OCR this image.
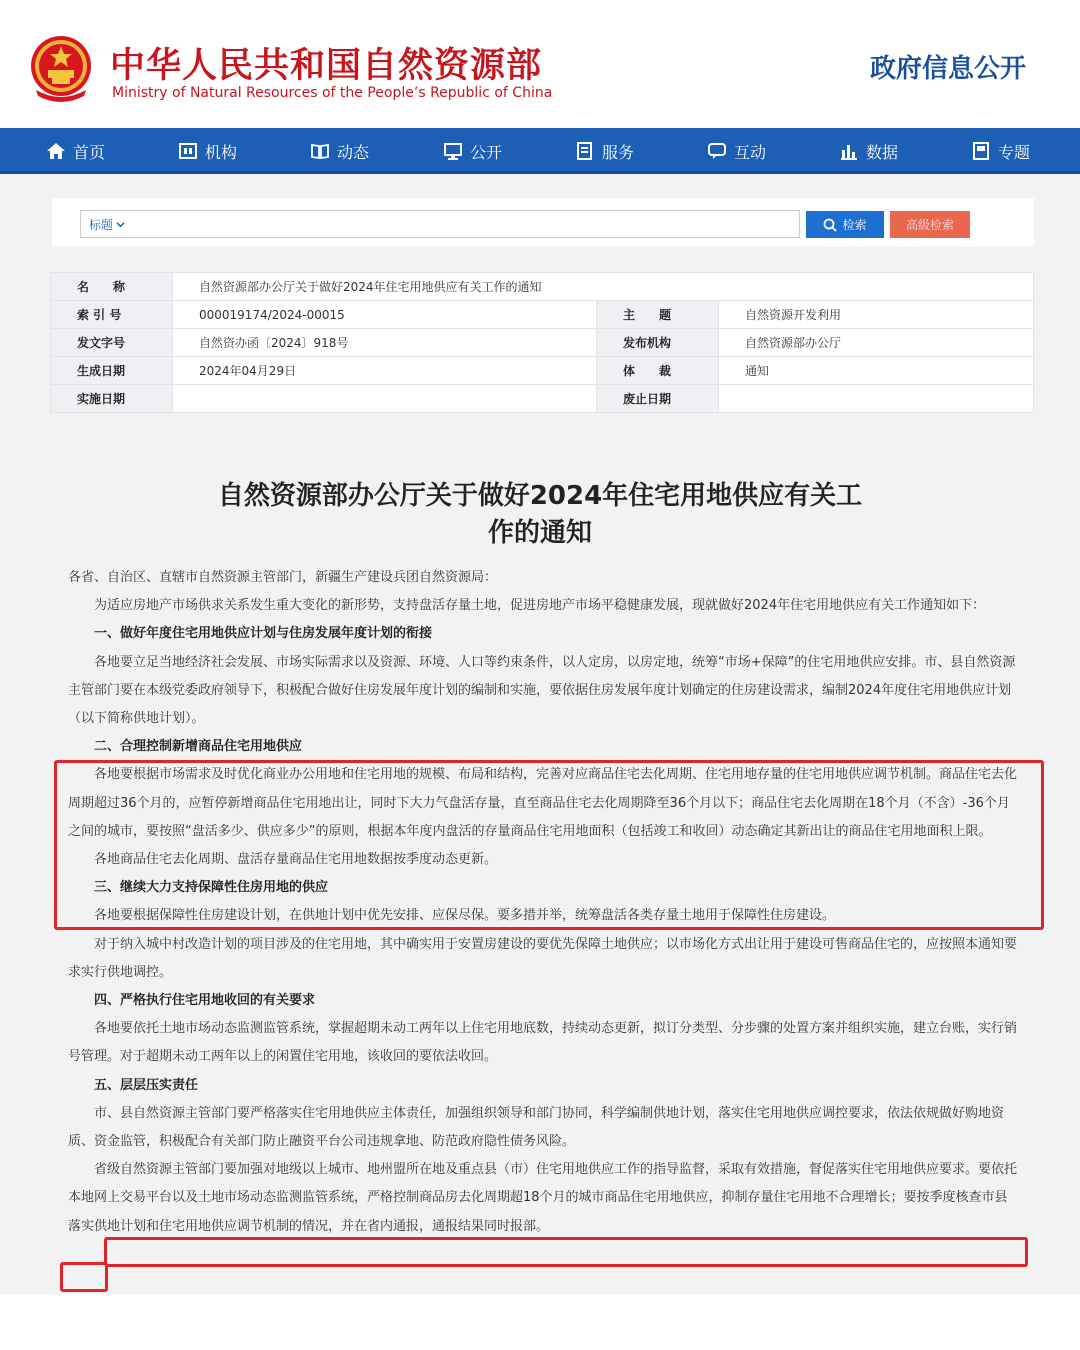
中华人民共和国自然资源部
Ministry of Natural Resources of the People’s Republic of China
政府信息公开
首页	机构	动态	公开	服务	互动	数据	专题
标题	检索	高级检索
名　　称	自然资源部办公厅关于做好2024年住宅用地供应有关工作的通知		
索 引 号	000019174/2024-00015	主　　题	自然资源开发利用
发文字号	自然资办函〔2024〕918号	发布机构	自然资源部办公厅
生成日期	2024年04月29日	体　　裁	通知
实施日期		废止日期	
自然资源部办公厅关于做好2024年住宅用地供应有关工
作的通知

各省、自治区、直辖市自然资源主管部门，新疆生产建设兵团自然资源局：

为适应房地产市场供求关系发生重大变化的新形势，支持盘活存量土地，促进房地产市场平稳健康发展，现就做好2024年住宅用地供应有关工作通知如下：

一、做好年度住宅用地供应计划与住房发展年度计划的衔接

各地要立足当地经济社会发展、市场实际需求以及资源、环境、人口等约束条件，以人定房，以房定地，统筹“市场+保障”的住宅用地供应安排。市、县自然资源主管部门要在本级党委政府领导下，积极配合做好住房发展年度计划的编制和实施，要依据住房发展年度计划确定的住房建设需求，编制2024年度住宅用地供应计划（以下简称供地计划）。

二、合理控制新增商品住宅用地供应

各地要根据市场需求及时优化商业办公用地和住宅用地的规模、布局和结构，完善对应商品住宅去化周期、住宅用地存量的住宅用地供应调节机制。商品住宅去化周期超过36个月的，应暂停新增商品住宅用地出让，同时下大力气盘活存量，直至商品住宅去化周期降至36个月以下；商品住宅去化周期在18个月（不含）-36个月之间的城市，要按照“盘活多少、供应多少”的原则，根据本年度内盘活的存量商品住宅用地面积（包括竣工和收回）动态确定其新出让的商品住宅用地面积上限。

各地商品住宅去化周期、盘活存量商品住宅用地数据按季度动态更新。

三、继续大力支持保障性住房用地的供应

各地要根据保障性住房建设计划，在供地计划中优先安排、应保尽保。要多措并举，统筹盘活各类存量土地用于保障性住房建设。

对于纳入城中村改造计划的项目涉及的住宅用地，其中确实用于安置房建设的要优先保障土地供应；以市场化方式出让用于建设可售商品住宅的，应按照本通知要求实行供地调控。

四、严格执行住宅用地收回的有关要求

各地要依托土地市场动态监测监管系统，掌握超期未动工两年以上住宅用地底数，持续动态更新，拟订分类型、分步骤的处置方案并组织实施，建立台账，实行销号管理。对于超期未动工两年以上的闲置住宅用地，该收回的要依法收回。

五、层层压实责任

市、县自然资源主管部门要严格落实住宅用地供应主体责任，加强组织领导和部门协同，科学编制供地计划，落实住宅用地供应调控要求，依法依规做好购地资质、资金监管，积极配合有关部门防止融资平台公司违规拿地、防范政府隐性债务风险。

省级自然资源主管部门要加强对地级以上城市、地州盟所在地及重点县（市）住宅用地供应工作的指导监督，采取有效措施，督促落实住宅用地供应要求。要依托本地网上交易平台以及土地市场动态监测监管系统，严格控制商品房去化周期超18个月的城市商品住宅用地供应，抑制存量住宅用地不合理增长；要按季度核查市县落实供地计划和住宅用地供应调节机制的情况，并在省内通报，通报结果同时报部。
